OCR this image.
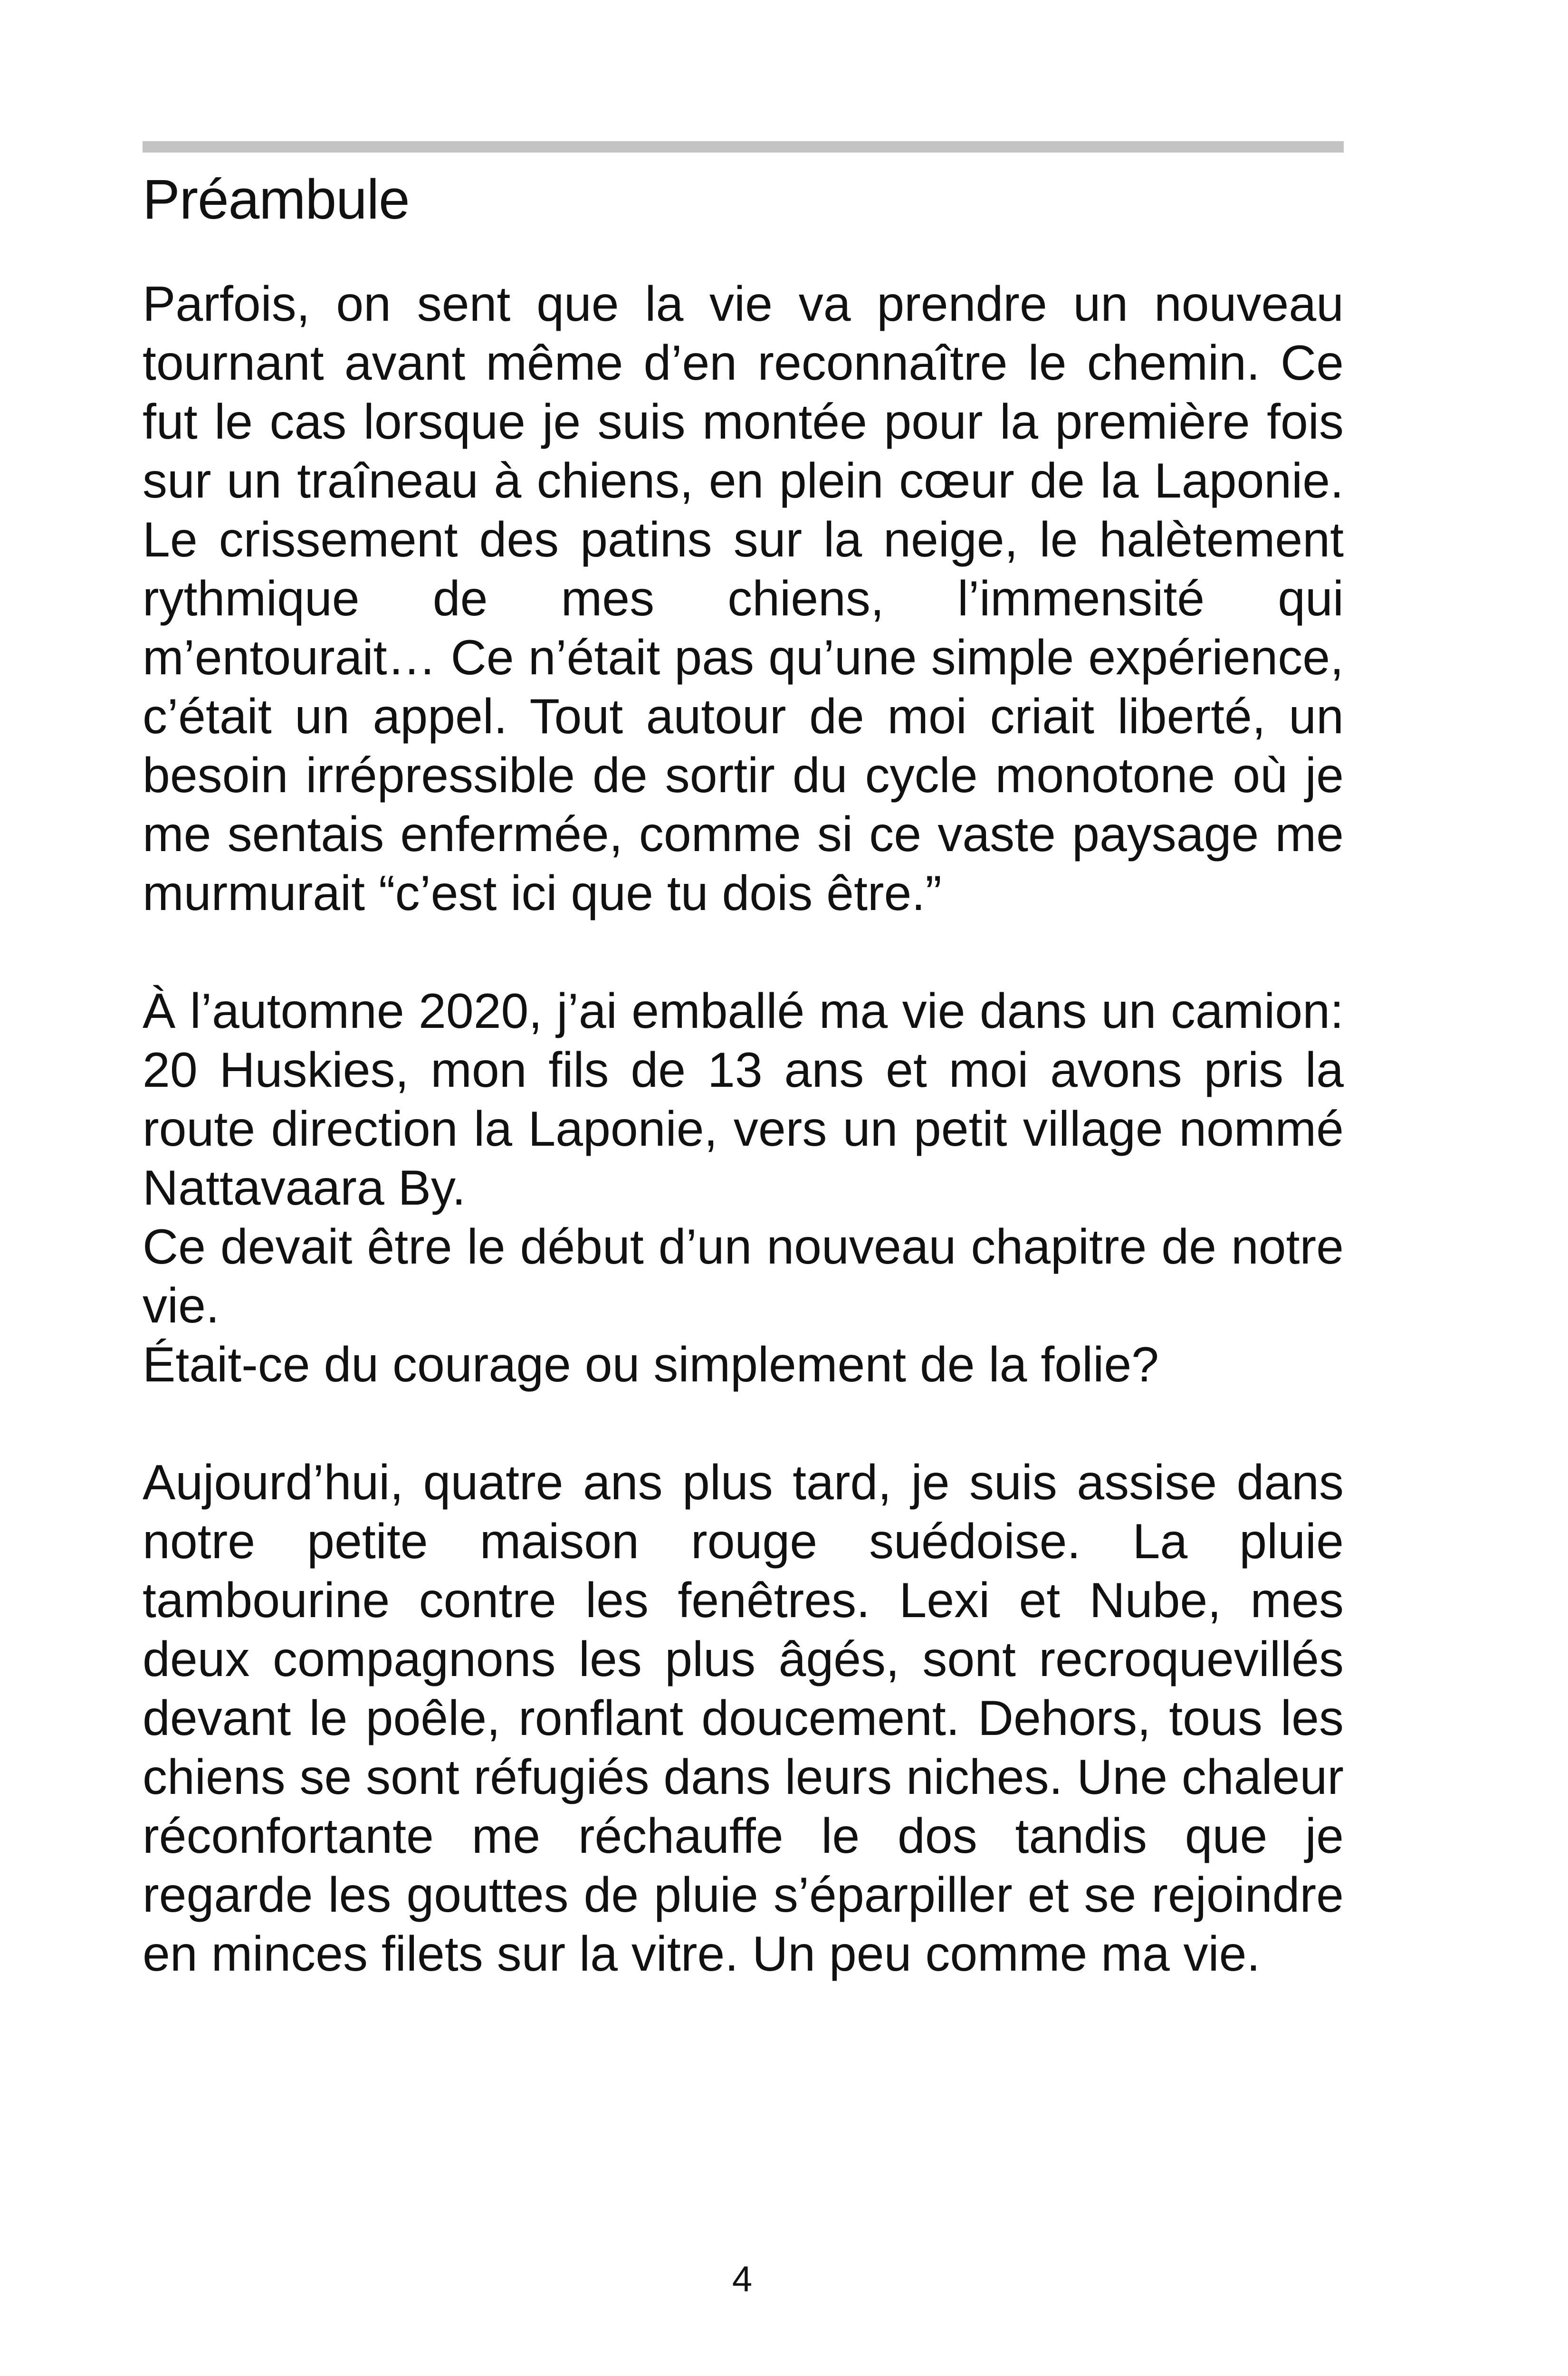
Préambule

Parfois, on sent que la vie va prendre un nouveau tournant avant même d’en reconnaître le chemin. Ce fut le cas lorsque je suis montée pour la première fois sur un traîneau à chiens, en plein cœur de la Laponie. Le crissement des patins sur la neige, le halètement rythmique de mes chiens, l’immensité qui m’entourait… Ce n’était pas qu’une simple expérience, c’était un appel. Tout autour de moi criait liberté, un besoin irrépressible de sortir du cycle monotone où je me sentais enfermée, comme si ce vaste paysage me murmurait “c’est ici que tu dois être.”

À l’automne 2020, j’ai emballé ma vie dans un camion: 20 Huskies, mon fils de 13 ans et moi avons pris la route direction la Laponie, vers un petit village nommé Nattavaara By.

Ce devait être le début d’un nouveau chapitre de notre vie.

Était-ce du courage ou simplement de la folie?

Aujourd’hui, quatre ans plus tard, je suis assise dans notre petite maison rouge suédoise. La pluie tambourine contre les fenêtres. Lexi et Nube, mes deux compagnons les plus âgés, sont recroquevillés devant le poêle, ronflant doucement. Dehors, tous les chiens se sont réfugiés dans leurs niches. Une chaleur réconfortante me réchauffe le dos tandis que je regarde les gouttes de pluie s’éparpiller et se rejoindre en minces filets sur la vitre. Un peu comme ma vie.

4
